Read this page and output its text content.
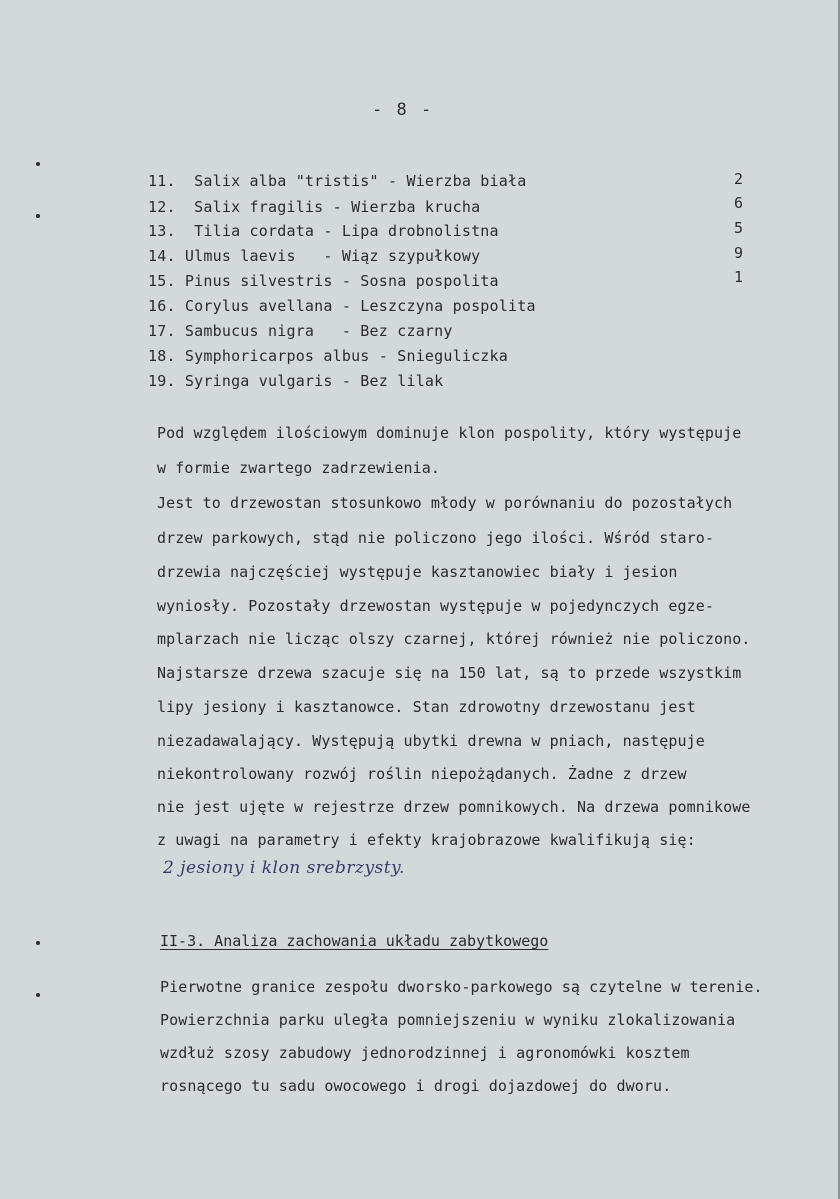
- 8 -
11.  Salix alba "tristis" - Wierzba biała	2
12.  Salix fragilis - Wierzba krucha	6
13.  Tilia cordata - Lipa drobnolistna	5
14. Ulmus laevis   - Wiąz szypułkowy	9
15. Pinus silvestris - Sosna pospolita	1
16. Corylus avellana - Leszczyna pospolita
17. Sambucus nigra   - Bez czarny
18. Symphoricarpos albus - Snieguliczka
19. Syringa vulgaris - Bez lilak
Pod względem ilościowym dominuje klon pospolity, który występuje
w formie zwartego zadrzewienia.
Jest to drzewostan stosunkowo młody w porównaniu do pozostałych
drzew parkowych, stąd nie policzono jego ilości. Wśród staro-
drzewia najczęściej występuje kasztanowiec biały i jesion
wyniosły. Pozostały drzewostan występuje w pojedynczych egze-
mplarzach nie licząc olszy czarnej, której również nie policzono.
Najstarsze drzewa szacuje się na 150 lat, są to przede wszystkim
lipy jesiony i kasztanowce. Stan zdrowotny drzewostanu jest
niezadawalający. Występują ubytki drewna w pniach, następuje
niekontrolowany rozwój roślin niepożądanych. Żadne z drzew
nie jest ujęte w rejestrze drzew pomnikowych. Na drzewa pomnikowe
z uwagi na parametry i efekty krajobrazowe kwalifikują się:
2 jesiony i klon srebrzysty.
II-3. Analiza zachowania układu zabytkowego
Pierwotne granice zespołu dworsko-parkowego są czytelne w terenie.
Powierzchnia parku uległa pomniejszeniu w wyniku zlokalizowania
wzdłuż szosy zabudowy jednorodzinnej i agronomówki kosztem
rosnącego tu sadu owocowego i drogi dojazdowej do dworu.
